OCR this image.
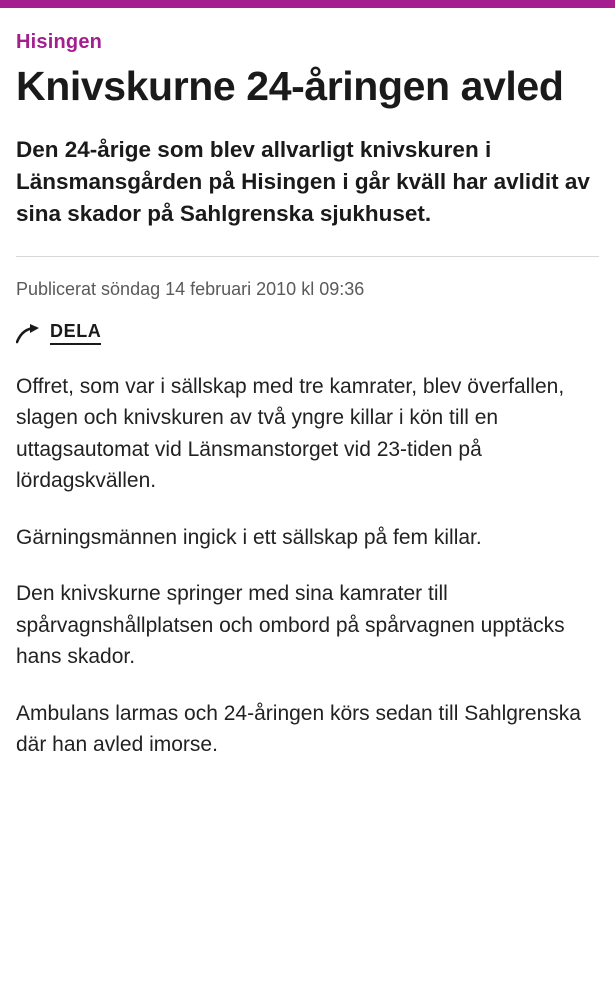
Hisingen
Knivskurne 24-åringen avled

Den 24-årige som blev allvarligt knivskuren i Länsmansgården på Hisingen i går kväll har avlidit av sina skador på Sahlgrenska sjukhuset.

Publicerat söndag 14 februari 2010 kl 09:36
DELA

Offret, som var i sällskap med tre kamrater, blev överfallen, slagen och knivskuren av två yngre killar i kön till en uttagsautomat vid Länsmanstorget vid 23-tiden på lördagskvällen.

Gärningsmännen ingick i ett sällskap på fem killar.

Den knivskurne springer med sina kamrater till spårvagnshållplatsen och ombord på spårvagnen upptäcks hans skador.

Ambulans larmas och 24-åringen körs sedan till Sahlgrenska där han avled imorse.
